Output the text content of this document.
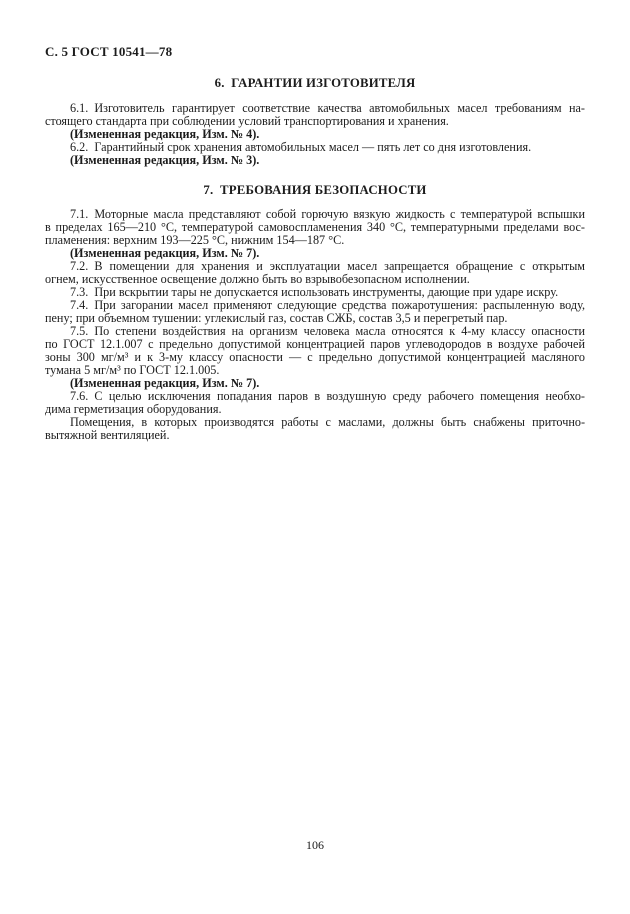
С. 5 ГОСТ 10541—78
6. ГАРАНТИИ ИЗГОТОВИТЕЛЯ
6.1. Изготовитель гарантирует соответствие качества автомобильных масел требованиям на-
стоящего стандарта при соблюдении условий транспортирования и хранения.
(Измененная редакция, Изм. № 4).
6.2. Гарантийный срок хранения автомобильных масел — пять лет со дня изготовления.
(Измененная редакция, Изм. № 3).
7. ТРЕБОВАНИЯ БЕЗОПАСНОСТИ
7.1. Моторные масла представляют собой горючую вязкую жидкость с температурой вспышки
в пределах 165—210 °С, температурой самовоспламенения 340 °С, температурными пределами вос-
пламенения: верхним 193—225 °С, нижним 154—187 °С.
(Измененная редакция, Изм. № 7).
7.2. В помещении для хранения и эксплуатации масел запрещается обращение с открытым
огнем, искусственное освещение должно быть во взрывобезопасном исполнении.
7.3. При вскрытии тары не допускается использовать инструменты, дающие при ударе искру.
7.4. При загорании масел применяют следующие средства пожаротушения: распыленную воду,
пену; при объемном тушении: углекислый газ, состав СЖБ, состав 3,5 и перегретый пар.
7.5. По степени воздействия на организм человека масла относятся к 4-му классу опасности
по ГОСТ 12.1.007 с предельно допустимой концентрацией паров углеводородов в воздухе рабочей
зоны 300 мг/м³ и к 3-му классу опасности — с предельно допустимой концентрацией масляного
тумана 5 мг/м³ по ГОСТ 12.1.005.
(Измененная редакция, Изм. № 7).
7.6. С целью исключения попадания паров в воздушную среду рабочего помещения необхо-
дима герметизация оборудования.
Помещения, в которых производятся работы с маслами, должны быть снабжены приточно-
вытяжной вентиляцией.
106
